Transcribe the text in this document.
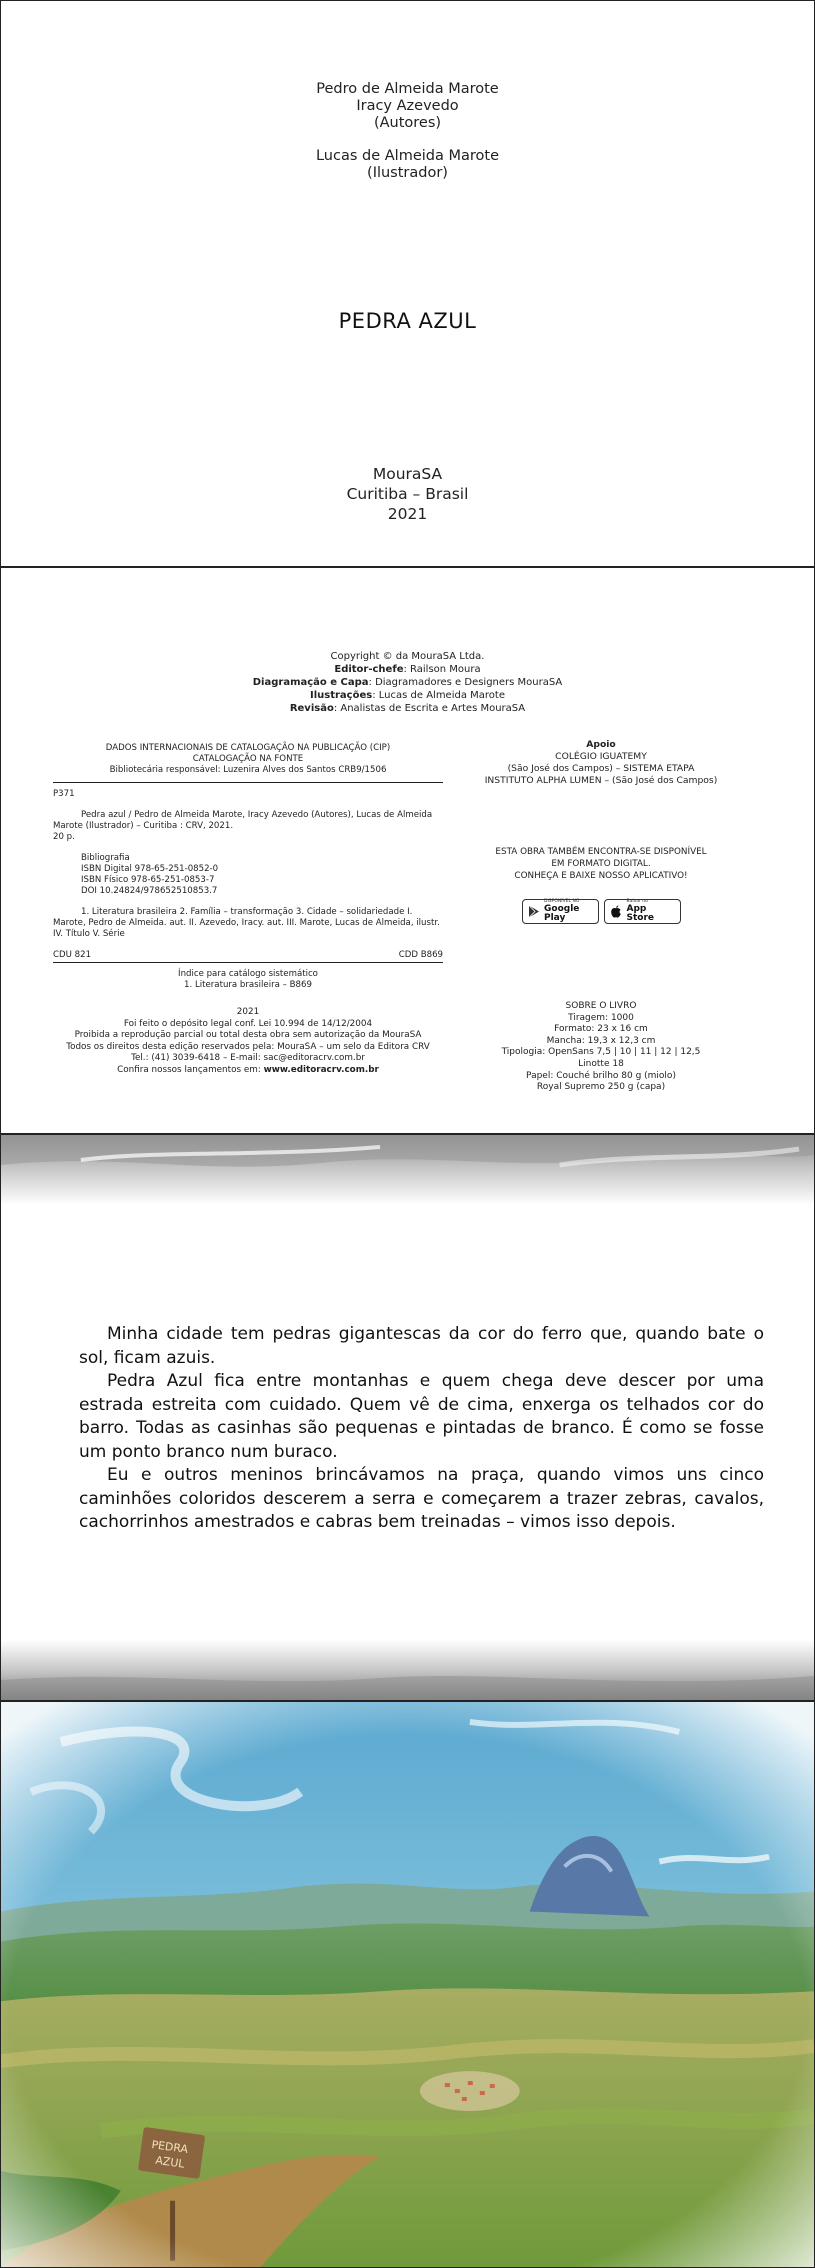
Pedro de Almeida Marote
Iracy Azevedo
(Autores)
Lucas de Almeida Marote
(Ilustrador)
PEDRA AZUL
MouraSA
Curitiba – Brasil
2021
Copyright © da MouraSA Ltda.
Editor-chefe: Railson Moura
Diagramação e Capa: Diagramadores e Designers MouraSA
Ilustrações: Lucas de Almeida Marote
Revisão: Analistas de Escrita e Artes MouraSA
DADOS INTERNACIONAIS DE CATALOGAÇÃO NA PUBLICAÇÃO (CIP)
CATALOGAÇÃO NA FONTE
Bibliotecária responsável: Luzenira Alves dos Santos CRB9/1506
P371
Pedra azul / Pedro de Almeida Marote, Iracy Azevedo (Autores), Lucas de Almeida Marote (Ilustrador) – Curitiba : CRV, 2021.
20 p.
Bibliografia
ISBN Digital 978-65-251-0852-0
ISBN Físico 978-65-251-0853-7
DOI 10.24824/978652510853.7
1. Literatura brasileira 2. Família – transformação 3. Cidade – solidariedade I. Marote, Pedro de Almeida. aut. II. Azevedo, Iracy. aut. III. Marote, Lucas de Almeida, ilustr. IV. Título V. Série
CDU 821	CDD B869
Índice para catálogo sistemático
1. Literatura brasileira – B869
Apoio
COLÉGIO IGUATEMY
(São José dos Campos) – SISTEMA ETAPA
INSTITUTO ALPHA LUMEN – (São José dos Campos)
ESTA OBRA TAMBÉM ENCONTRA-SE DISPONÍVEL
EM FORMATO DIGITAL.
CONHEÇA E BAIXE NOSSO APLICATIVO!
DISPONÍVEL NO
Google Play
Baixar no
App Store
2021
Foi feito o depósito legal conf. Lei 10.994 de 14/12/2004
Proibida a reprodução parcial ou total desta obra sem autorização da MouraSA
Todos os direitos desta edição reservados pela: MouraSA – um selo da Editora CRV
Tel.: (41) 3039-6418 – E-mail: sac@editoracrv.com.br
Confira nossos lançamentos em: www.editoracrv.com.br
SOBRE O LIVRO
Tiragem: 1000
Formato: 23 x 16 cm
Mancha: 19,3 x 12,3 cm
Tipologia: OpenSans 7,5 | 10 | 11 | 12 | 12,5
Linotte 18
Papel: Couché brilho 80 g (miolo)
Royal Supremo 250 g (capa)

Minha cidade tem pedras gigantescas da cor do ferro que, quando bate o sol, ficam azuis.

Pedra Azul fica entre montanhas e quem chega deve descer por uma estrada estreita com cuidado. Quem vê de cima, enxerga os telhados cor do barro. Todas as casinhas são pequenas e pintadas de branco. É como se fosse um ponto branco num buraco.

Eu e outros meninos brincávamos na praça, quando vimos uns cinco caminhões coloridos descerem a serra e começarem a trazer zebras, cavalos, cachorrinhos amestrados e cabras bem treinadas – vimos isso depois.
